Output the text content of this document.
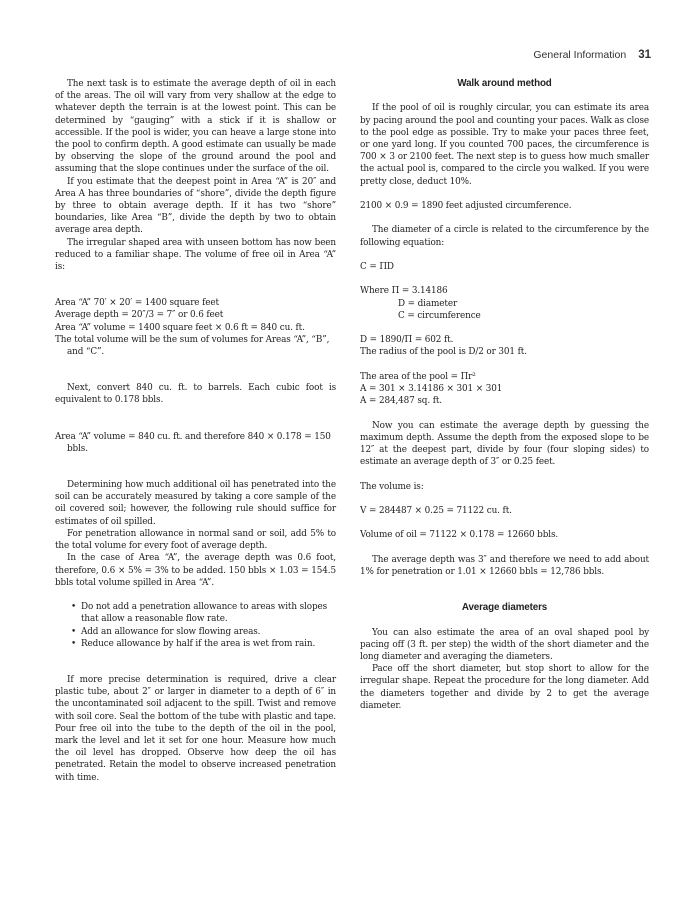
General Information 31

The next task is to estimate the average depth of oil in each of the areas. The oil will vary from very shallow at the edge to whatever depth the terrain is at the lowest point. This can be determined by “gauging” with a stick if it is shallow or accessible. If the pool is wider, you can heave a large stone into the pool to confirm depth. A good estimate can usually be made by observing the slope of the ground around the pool and assuming that the slope continues under the surface of the oil.

If you estimate that the deepest point in Area “A” is 20″ and Area A has three boundaries of “shore”, divide the depth figure by three to obtain average depth. If it has two “shore” boundaries, like Area “B”, divide the depth by two to obtain average area depth.

The irregular shaped area with unseen bottom has now been reduced to a familiar shape. The volume of free oil in Area “A” is:

Area “A” 70′ × 20′ = 1400 square feet

Average depth = 20″/3 = 7″ or 0.6 feet

Area “A” volume = 1400 square feet × 0.6 ft = 840 cu. ft.

The total volume will be the sum of volumes for Areas “A”, “B”, and “C”.

Next, convert 840 cu. ft. to barrels. Each cubic foot is equivalent to 0.178 bbls.

Area “A” volume = 840 cu. ft. and therefore 840 × 0.178 = 150 bbls.

Determining how much additional oil has penetrated into the soil can be accurately measured by taking a core sample of the oil covered soil; however, the following rule should suffice for estimates of oil spilled.

For penetration allowance in normal sand or soil, add 5% to the total volume for every foot of average depth.

In the case of Area “A”, the average depth was 0.6 foot, therefore, 0.6 × 5% = 3% to be added. 150 bbls × 1.03 = 154.5 bbls total volume spilled in Area “A”.

• Do not add a penetration allowance to areas with slopes that allow a reasonable flow rate.
• Add an allowance for slow flowing areas.
• Reduce allowance by half if the area is wet from rain.

If more precise determination is required, drive a clear plastic tube, about 2″ or larger in diameter to a depth of 6″ in the uncontaminated soil adjacent to the spill. Twist and remove with soil core. Seal the bottom of the tube with plastic and tape. Pour free oil into the tube to the depth of the oil in the pool, mark the level and let it set for one hour. Measure how much the oil level has dropped. Observe how deep the oil has penetrated. Retain the model to observe increased penetration with time.

Walk around method

If the pool of oil is roughly circular, you can estimate its area by pacing around the pool and counting your paces. Walk as close to the pool edge as possible. Try to make your paces three feet, or one yard long. If you counted 700 paces, the circumference is 700 × 3 or 2100 feet. The next step is to guess how much smaller the actual pool is, compared to the circle you walked. If you were pretty close, deduct 10%.

2100 × 0.9 = 1890 feet adjusted circumference.

The diameter of a circle is related to the circumference by the following equation:

C = ΠD

Where Π = 3.14186

D = diameter

C = circumference

D = 1890/Π = 602 ft.

The radius of the pool is D/2 or 301 ft.

The area of the pool = Πr²

A = 301 × 3.14186 × 301 × 301

A = 284,487 sq. ft.

Now you can estimate the average depth by guessing the maximum depth. Assume the depth from the exposed slope to be 12″ at the deepest part, divide by four (four sloping sides) to estimate an average depth of 3″ or 0.25 feet.

The volume is:

V = 284487 × 0.25 = 71122 cu. ft.

Volume of oil = 71122 × 0.178 = 12660 bbls.

The average depth was 3″ and therefore we need to add about 1% for penetration or 1.01 × 12660 bbls = 12,786 bbls.

Average diameters

You can also estimate the area of an oval shaped pool by pacing off (3 ft. per step) the width of the short diameter and the long diameter and averaging the diameters.

Pace off the short diameter, but stop short to allow for the irregular shape. Repeat the procedure for the long diameter. Add the diameters together and divide by 2 to get the average diameter.
